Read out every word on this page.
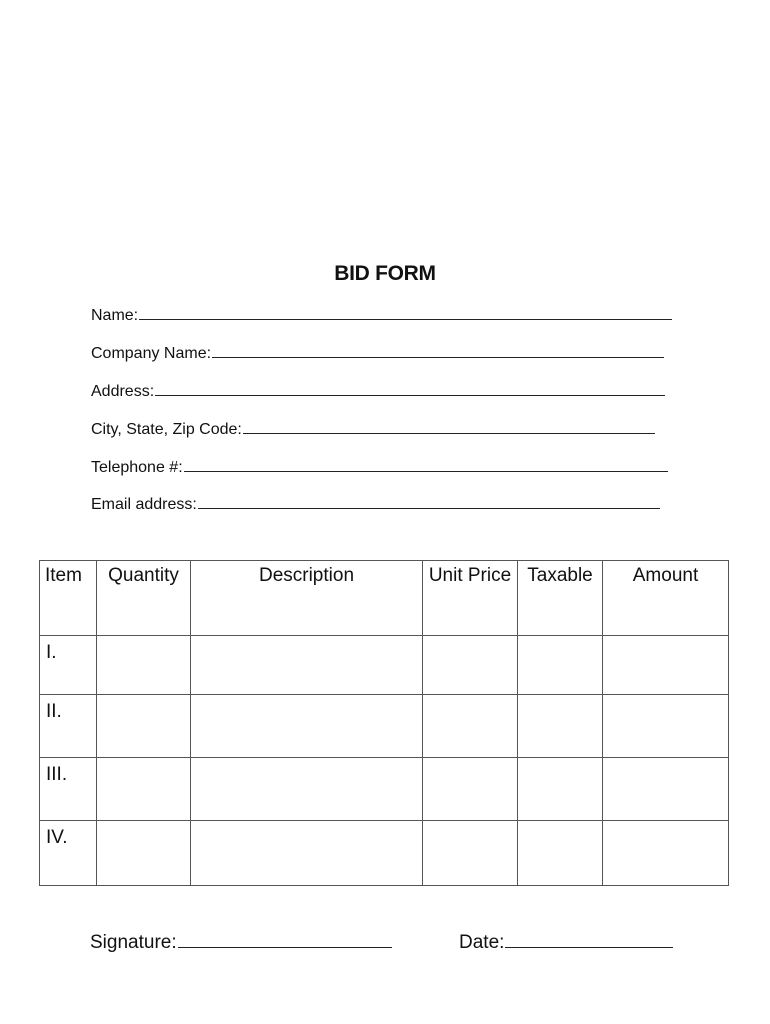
BID FORM
Name:
Company Name:
Address:
City, State, Zip Code:
Telephone #:
Email address:
Item	Quantity	Description	Unit Price	Taxable	Amount
I.					
II.					
III.					
IV.					
Signature:	Date:
